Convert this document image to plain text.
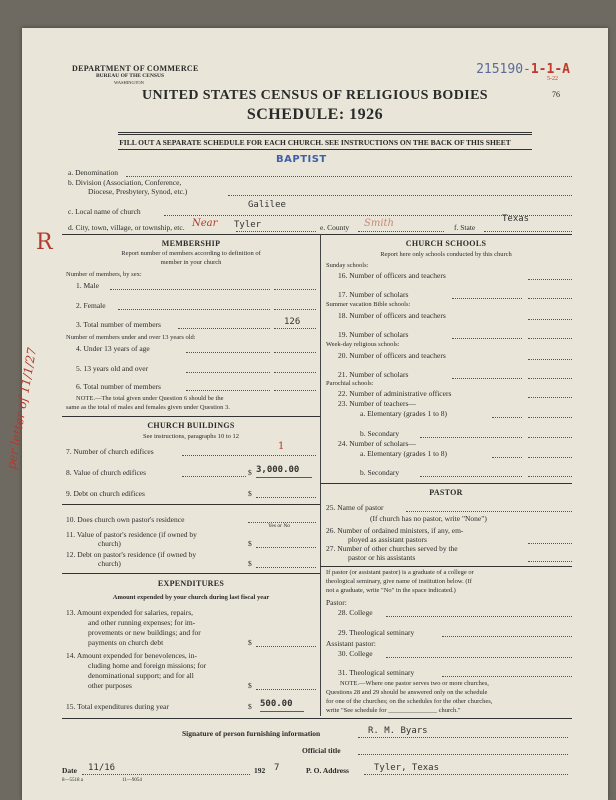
DEPARTMENT OF COMMERCE
BUREAU OF THE CENSUS
WASHINGTON
215190-1-1-A
5-22
76
UNITED STATES CENSUS OF RELIGIOUS BODIES
SCHEDULE: 1926
FILL OUT A SEPARATE SCHEDULE FOR EACH CHURCH. SEE INSTRUCTIONS ON THE BACK OF THIS SHEET
BAPTIST
a. Denomination
b. Division (Association, Conference,
Diocese, Presbytery, Synod, etc.)
Galilee
c. Local name of church
Near Tyler
d. City, town, village, or township, etc.	e. County Smith	f. State
Texas
R
per letter of 11/1/27
MEMBERSHIP
Report number of members according to definition of
member in your church
Number of members, by sex:
1. Male
2. Female
3. Total number of members	126
Number of members under and over 13 years old:
4. Under 13 years of age
5. 13 years old and over
6. Total number of members
NOTE.—The total given under Question 6 should be the
same as the total of males and females given under Question 3.
CHURCH BUILDINGS
See instructions, paragraphs 10 to 12
7. Number of church edifices	1
8. Value of church edifices	$ 3,000.00
9. Debt on church edifices	$
10. Does church own pastor's residence
Yes or No
11. Value of pastor's residence (if owned by
church)	$
12. Debt on pastor's residence (if owned by
church)	$
EXPENDITURES
Amount expended by your church during last fiscal year
13. Amount expended for salaries, repairs,
and other running expenses; for im-
provements or new buildings; and for
payments on church debt	$
14. Amount expended for benevolences, in-
cluding home and foreign missions; for
denominational support; and for all
other purposes	$
15. Total expenditures during year	$ 500.00
CHURCH SCHOOLS
Report here only schools conducted by this church
Sunday schools:
16. Number of officers and teachers
17. Number of scholars
Summer vacation Bible schools:
18. Number of officers and teachers
19. Number of scholars
Week-day religious schools:
20. Number of officers and teachers
21. Number of scholars
Parochial schools:
22. Number of administrative officers
23. Number of teachers—
a. Elementary (grades 1 to 8)
b. Secondary
24. Number of scholars—
a. Elementary (grades 1 to 8)
b. Secondary
PASTOR
25. Name of pastor
(If church has no pastor, write "None")
26. Number of ordained ministers, if any, em-
ployed as assistant pastors
27. Number of other churches served by the
pastor or his assistants
If pastor (or assistant pastor) is a graduate of a college or
theological seminary, give name of institution below. (If
not a graduate, write "No" in the space indicated.)
Pastor:
28. College
29. Theological seminary
Assistant pastor:
30. College
31. Theological seminary
NOTE.—Where one pastor serves two or more churches,
Questions 28 and 29 should be answered only on the schedule
for one of the churches; on the schedules for the other churches,
write "See schedule for _______________ church."
Signature of person furnishing information	R. M. Byars
Official title
Date 11/16	192 7	P. O. Address	Tyler, Texas
8—5518 a	11—9054
